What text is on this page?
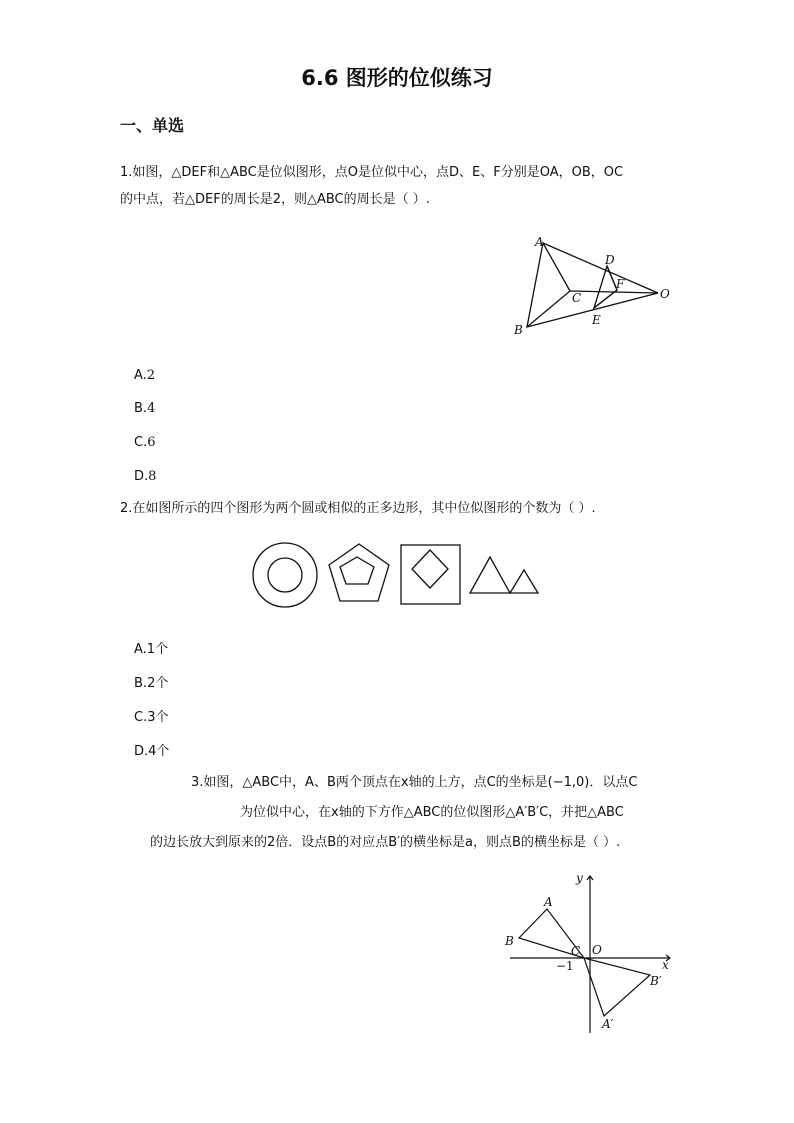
6.6 图形的位似练习
一、单选
1.如图，△DEF和△ABC是位似图形，点O是位似中心，点D、E、F分别是OA，OB，OC
的中点，若△DEF的周长是2，则△ABC的周长是（ ）.
A
B
C
D
E
F
O
A.2
B.4
C.6
D.8
2.在如图所示的四个图形为两个圆或相似的正多边形，其中位似图形的个数为（ ）.
A.1个
B.2个
C.3个
D.4个
3.如图，△ABC中，A、B两个顶点在x轴的上方，点C的坐标是(−1,0)．以点C
为位似中心，在x轴的下方作△ABC的位似图形△A′B′C，并把△ABC
的边长放大到原来的2倍．设点B的对应点B′的横坐标是a，则点B的横坐标是（ ）.
A
B
C O
−1	x
y
B′
A′
